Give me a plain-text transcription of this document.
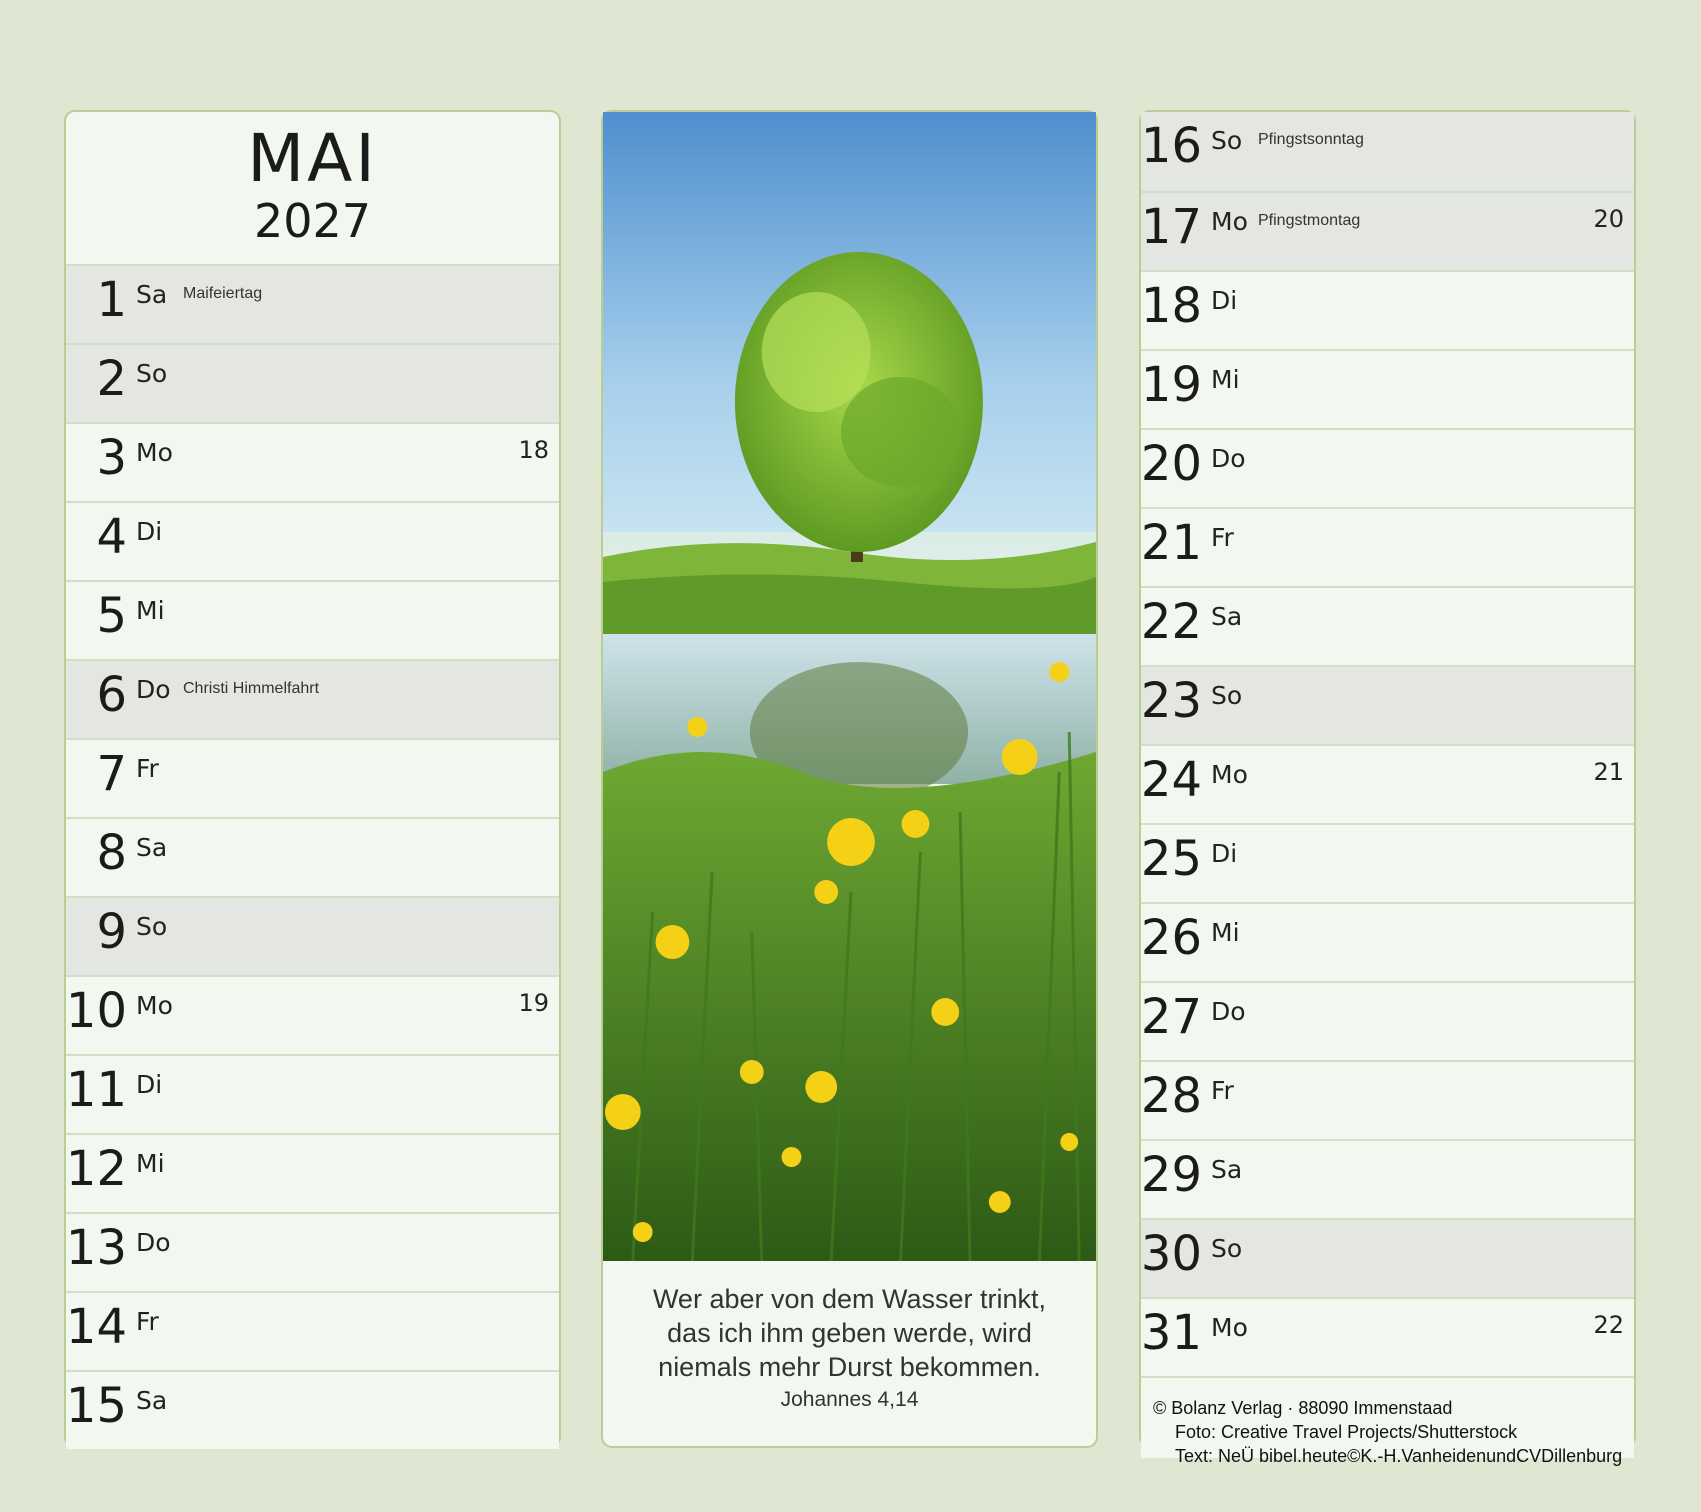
MAI
2027
1 Sa Maifeiertag
2 So
3 Mo	18
4 Di
5 Mi
6 Do Christi Himmelfahrt
7 Fr
8 Sa
9 So
10 Mo	19
11 Di
12 Mi
13 Do
14 Fr
15 Sa
Wer aber von dem Wasser trinkt,
das ich ihm geben werde, wird
niemals mehr Durst bekommen.
Johannes 4,14
16 So Pfingstsonntag
17 Mo Pfingstmontag	20
18 Di
19 Mi
20 Do
21 Fr
22 Sa
23 So
24 Mo	21
25 Di
26 Mi
27 Do
28 Fr
29 Sa
30 So
31 Mo	22
© Bolanz Verlag · 88090 Immenstaad
Foto: Creative Travel Projects/Shutterstock
Text: NeÜ bibel.heute©K.-H.VanheidenundCVDillenburg
